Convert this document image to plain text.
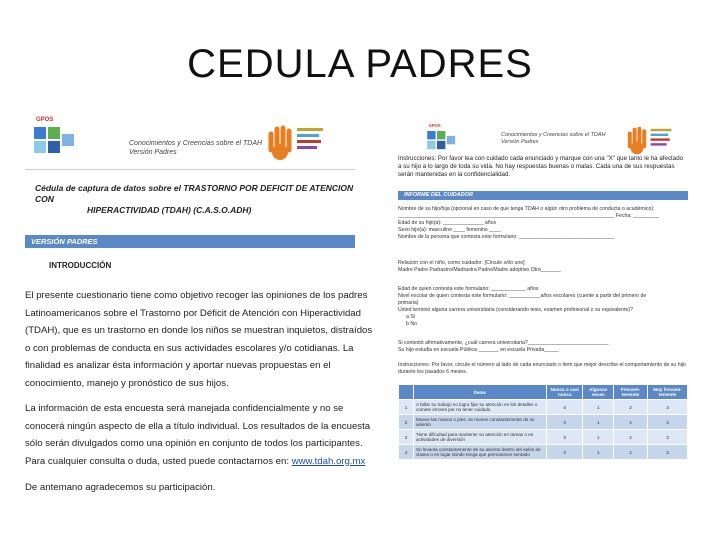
CEDULA PADRES
GPOS
Conocimientos y Creencias sobre el TDAH
Versión Padres
Cédula de captura de datos sobre el TRASTORNO POR DEFICIT DE ATENCION CON
HIPERACTIVIDAD (TDAH) (C.A.S.O.ADH)
VERSIÓN PADRES
INTRODUCCIÓN
El presente cuestionario tiene como objetivo recoger las opiniones de los padres
Latinoamericanos sobre el Trastorno por Déficit de Atención con Hiperactividad
(TDAH), que es un trastorno en donde los niños se muestran inquietos, distraídos
o con problemas de conducta en sus actividades escolares y/o cotidianas. La
finalidad es analizar ésta información y aportar nuevas propuestas en el
conocimiento, manejo y pronóstico de sus hijos.
La información de esta encuesta será manejada confidencialmente y no se
conocerá ningún aspecto de ella a título individual. Los resultados de la encuesta
sólo serán divulgados como una opinión en conjunto de todos los participantes.
Para cualquier consulta o duda, usted puede contactarnos en: www.tdah.org.mx
De antemano agradecemos su participación.
GPOS
Conocimientos y Creencias sobre el TDAH
Versión Padres
Instrucciones: Por favor lea con cuidado cada enunciado y marque con una "X" que tanto le ha afectado a su hijo a lo largo de toda su vida. No hay respuestas buenas o malas. Cada una de sus respuestas serán mantenidas en la confidencialidad.
INFORME DEL CUIDADOR
Nombre de su hijo/hija (opcional en caso de que tenga TDAH o algún otro problema de conducta o académico):
___________________________________________________________________________ Fecha: _________
Edad de su hijo(a): ______________ años
Sexo hijo(a): masculino ____ femenino ____
Nombre de la persona que contesta este formulario: _________________________________
Relación con el niño, como cuidador: [Circule sólo uno]
Madre Padre Padrastro/Madrastra Padre/Madre adoptivo Otro_______
Edad de quien contesta este formulario: ____________ años
Nivel escolar de quien contesta este formulario: ___________años escolares (cuente a partir del primero de
primaria)
Usted terminó alguna carrera universitaria (considerando tesis, examen profesional o su equivalente)?
a Sí
b No
Si contestó afirmativamente, ¿cuál carrera universitaria?____________________________
Su hijo estudia en escuela Pública _______ en escuela Privada_____
Instrucciones: Por favor, circule el número al lado de cada enunciado o ítem que mejor describe el comportamiento de su hijo durante los pasados 6 meses.
	Ítems	Nunca o casi nunca	Algunas veces	Frecuen-temente	Muy frecuen-temente
1	A fallar su trabajo no logra fijar su atención en los detalles o comete errores por no tener cuidado	0	1	2	3
2	Mueve las manos o pies, se mueve constantemente de su asiento	0	1	2	3
3	Tiene dificultad para mantener su atención en tareas o en actividades de diversión	0	1	2	3
4	Se levanta constantemente de su asiento dentro del salón de clases o en lugar donde tenga que permanecer sentado	0	1	2	3
